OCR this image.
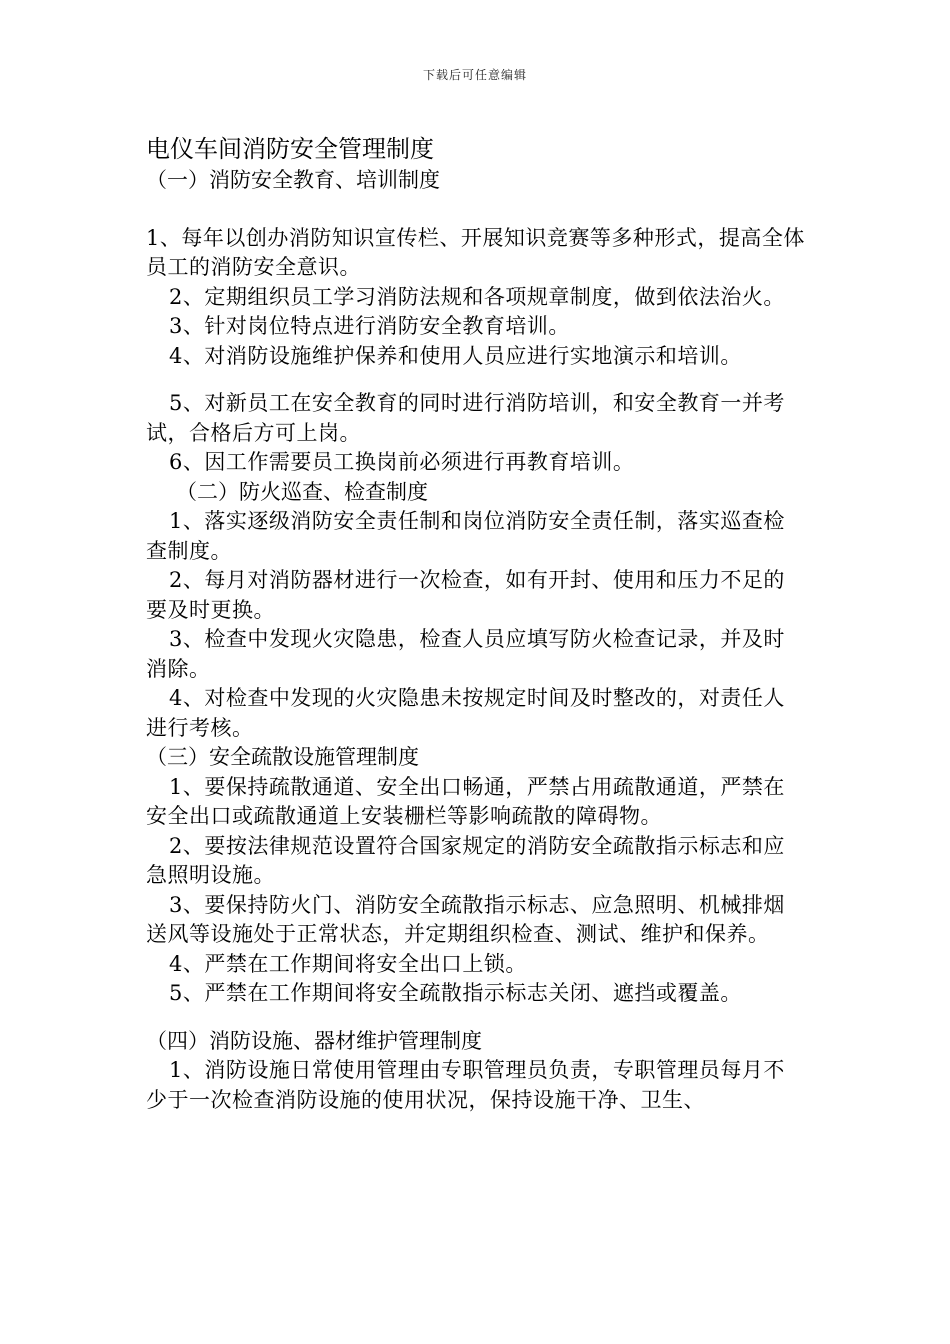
下载后可任意编辑

电仪车间消防安全管理制度

（一）消防安全教育、培训制度

1、每年以创办消防知识宣传栏、开展知识竞赛等多种形式，提高全体员工的消防安全意识。

2、定期组织员工学习消防法规和各项规章制度，做到依法治火。

3、针对岗位特点进行消防安全教育培训。

4、对消防设施维护保养和使用人员应进行实地演示和培训。

5、对新员工在安全教育的同时进行消防培训，和安全教育一并考试，合格后方可上岗。

6、因工作需要员工换岗前必须进行再教育培训。

（二）防火巡查、检查制度

1、落实逐级消防安全责任制和岗位消防安全责任制，落实巡查检查制度。

2、每月对消防器材进行一次检查，如有开封、使用和压力不足的要及时更换。

3、检查中发现火灾隐患，检查人员应填写防火检查记录，并及时消除。

4、对检查中发现的火灾隐患未按规定时间及时整改的，对责任人进行考核。

（三）安全疏散设施管理制度

1、要保持疏散通道、安全出口畅通，严禁占用疏散通道，严禁在安全出口或疏散通道上安装栅栏等影响疏散的障碍物。

2、要按法律规范设置符合国家规定的消防安全疏散指示标志和应急照明设施。

3、要保持防火门、消防安全疏散指示标志、应急照明、机械排烟送风等设施处于正常状态，并定期组织检查、测试、维护和保养。

4、严禁在工作期间将安全出口上锁。

5、严禁在工作期间将安全疏散指示标志关闭、遮挡或覆盖。

（四）消防设施、器材维护管理制度

1、消防设施日常使用管理由专职管理员负责，专职管理员每月不少于一次检查消防设施的使用状况，保持设施干净、卫生、
